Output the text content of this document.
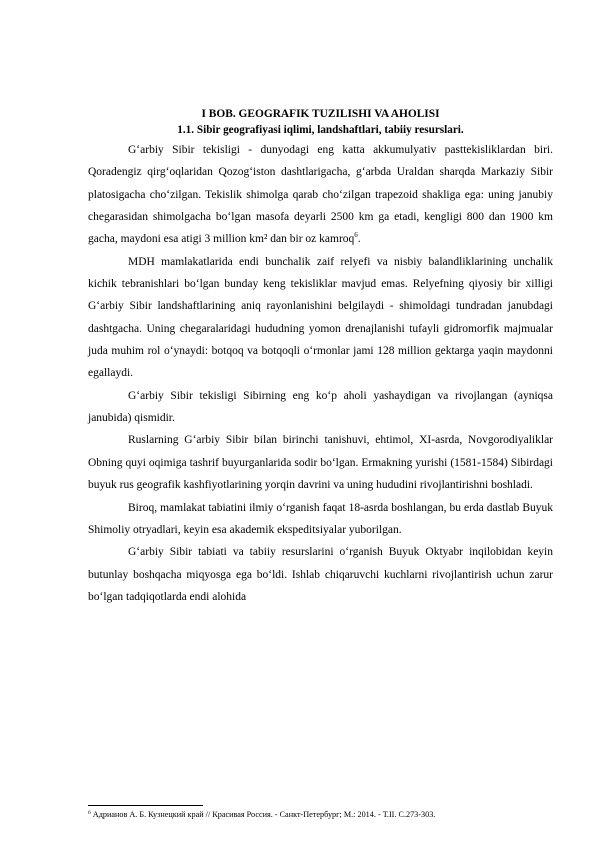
I BOB. GEOGRAFIK TUZILISHI VA AHOLISI
1.1. Sibir geografiyasi iqlimi, landshaftlari, tabiiy resurslari.

G‘arbiy Sibir tekisligi - dunyodagi eng katta akkumulyativ pasttekisliklardan biri. Qoradengiz qirg‘oqlaridan Qozog‘iston dashtlarigacha, g‘arbda Uraldan sharqda Markaziy Sibir platosigacha cho‘zilgan. Tekislik shimolga qarab cho‘zilgan trapezoid shakliga ega: uning janubiy chegarasidan shimolgacha bo‘lgan masofa deyarli 2500 km ga etadi, kengligi 800 dan 1900 km gacha, maydoni esa atigi 3 million km² dan bir oz kamroq$^6$.

MDH mamlakatlarida endi bunchalik zaif relyefi va nisbiy balandliklarining unchalik kichik tebranishlari bo‘lgan bunday keng tekisliklar mavjud emas. Relyefning qiyosiy bir xilligi G‘arbiy Sibir landshaftlarining aniq rayonlanishini belgilaydi - shimoldagi tundradan janubdagi dashtgacha. Uning chegaralaridagi hududning yomon drenajlanishi tufayli gidromorfik majmualar juda muhim rol o‘ynaydi: botqoq va botqoqli o‘rmonlar jami 128 million gektarga yaqin maydonni egallaydi.

G‘arbiy Sibir tekisligi Sibirning eng ko‘p aholi yashaydigan va rivojlangan (ayniqsa janubida) qismidir.

Ruslarning G‘arbiy Sibir bilan birinchi tanishuvi, ehtimol, XI-asrda, Novgorodiyaliklar Obning quyi oqimiga tashrif buyurganlarida sodir bo‘lgan. Ermakning yurishi (1581-1584) Sibirdagi buyuk rus geografik kashfiyotlarining yorqin davrini va uning hududini rivojlantirishni boshladi.

Biroq, mamlakat tabiatini ilmiy o‘rganish faqat 18-asrda boshlangan, bu erda dastlab Buyuk Shimoliy otryadlari, keyin esa akademik ekspeditsiyalar yuborilgan.

G‘arbiy Sibir tabiati va tabiiy resurslarini o‘rganish Buyuk Oktyabr inqilobidan keyin butunlay boshqacha miqyosga ega bo‘ldi. Ishlab chiqaruvchi kuchlarni rivojlantirish uchun zarur bo‘lgan tadqiqotlarda endi alohida

$^6$ Адрианов А. Б. Кузнецкий край // Красивая Россия. - Санкт-Петербург; М.: 2014. - Т.II. С.273-303.
